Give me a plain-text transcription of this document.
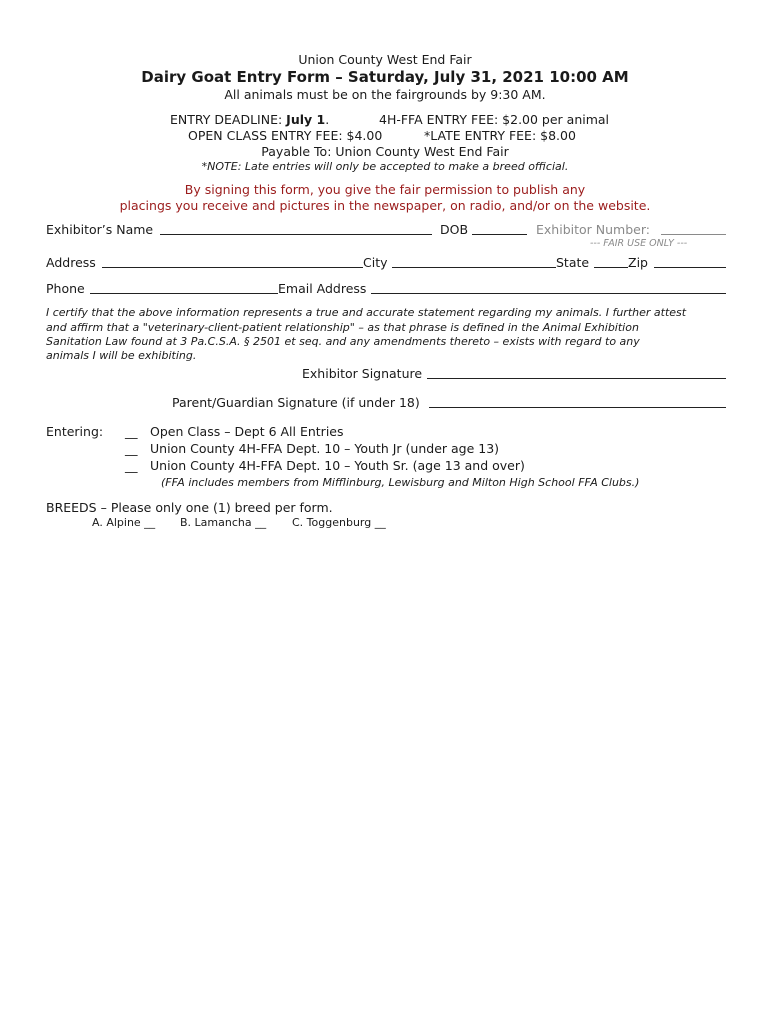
Union County West End Fair
Dairy Goat Entry Form – Saturday, July 31, 2021 10:00 AM
All animals must be on the fairgrounds by 9:30 AM.
ENTRY DEADLINE: July 1.	4H-FFA ENTRY FEE: $2.00 per animal
OPEN CLASS ENTRY FEE: $4.00	*LATE ENTRY FEE: $8.00
Payable To: Union County West End Fair
*NOTE: Late entries will only be accepted to make a breed official.
By signing this form, you give the fair permission to publish any
placings you receive and pictures in the newspaper, on radio, and/or on the website.
Exhibitor’s Name	DOB	Exhibitor Number:
--- FAIR USE ONLY ---
Address	City	State	Zip
Phone	Email Address
I certify that the above information represents a true and accurate statement regarding my animals. I further attest
and affirm that a "veterinary-client-patient relationship" – as that phrase is defined in the Animal Exhibition
Sanitation Law found at 3 Pa.C.S.A. § 2501 et seq. and any amendments thereto – exists with regard to any
animals I will be exhibiting.
Exhibitor Signature
Parent/Guardian Signature (if under 18)
Entering: __ Open Class – Dept 6 All Entries
__ Union County 4H-FFA Dept. 10 – Youth Jr (under age 13)
__ Union County 4H-FFA Dept. 10 – Youth Sr. (age 13 and over)
(FFA includes members from Mifflinburg, Lewisburg and Milton High School FFA Clubs.)
BREEDS – Please only one (1) breed per form.
A. Alpine __ B. Lamancha __ C. Toggenburg __
